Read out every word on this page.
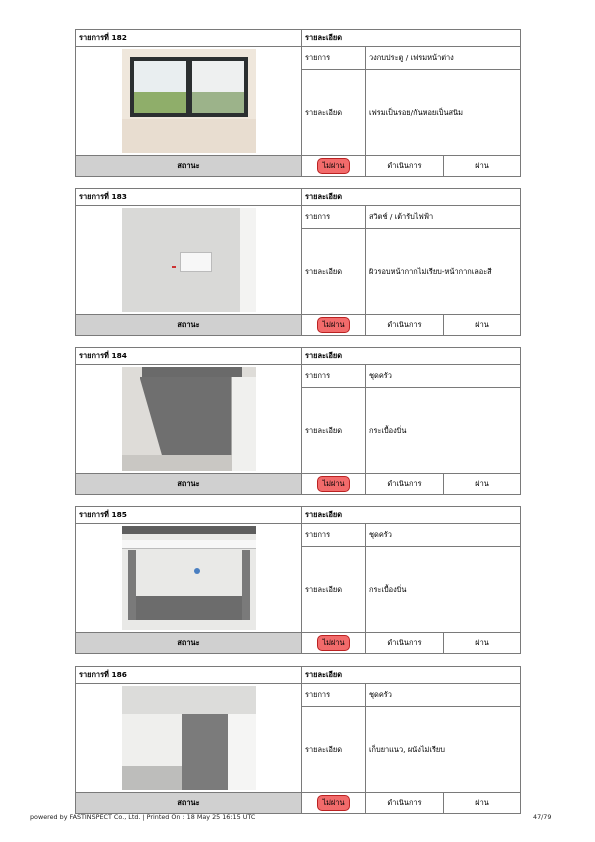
รายการที่ 182	รายละเอียด		

	รายการ	วงกบประตู / เฟรมหน้าต่าง	
	รายละเอียด	เฟรมเป็นรอย/กันหอยเป็นสนิม	
สถานะ	ไม่ผ่าน	ดำเนินการ	ผ่าน
รายการที่ 183	รายละเอียด		

	รายการ	สวิตช์ / เต้ารับไฟฟ้า	
	รายละเอียด	ผิวรอบหน้ากากไม่เรียบ-หน้ากากเลอะสี	
สถานะ	ไม่ผ่าน	ดำเนินการ	ผ่าน
รายการที่ 184	รายละเอียด		

	รายการ	ชุดครัว	
	รายละเอียด	กระเบื้องบิ่น	
สถานะ	ไม่ผ่าน	ดำเนินการ	ผ่าน
รายการที่ 185	รายละเอียด		

	รายการ	ชุดครัว	
	รายละเอียด	กระเบื้องบิ่น	
สถานะ	ไม่ผ่าน	ดำเนินการ	ผ่าน
รายการที่ 186	รายละเอียด		

	รายการ	ชุดครัว	
	รายละเอียด	เก็บยาแนว, ผนังไม่เรียบ	
สถานะ	ไม่ผ่าน	ดำเนินการ	ผ่าน
powered by FASTINSPECT Co., Ltd. | Printed On : 18 May 25 16:15 UTC	47/79
